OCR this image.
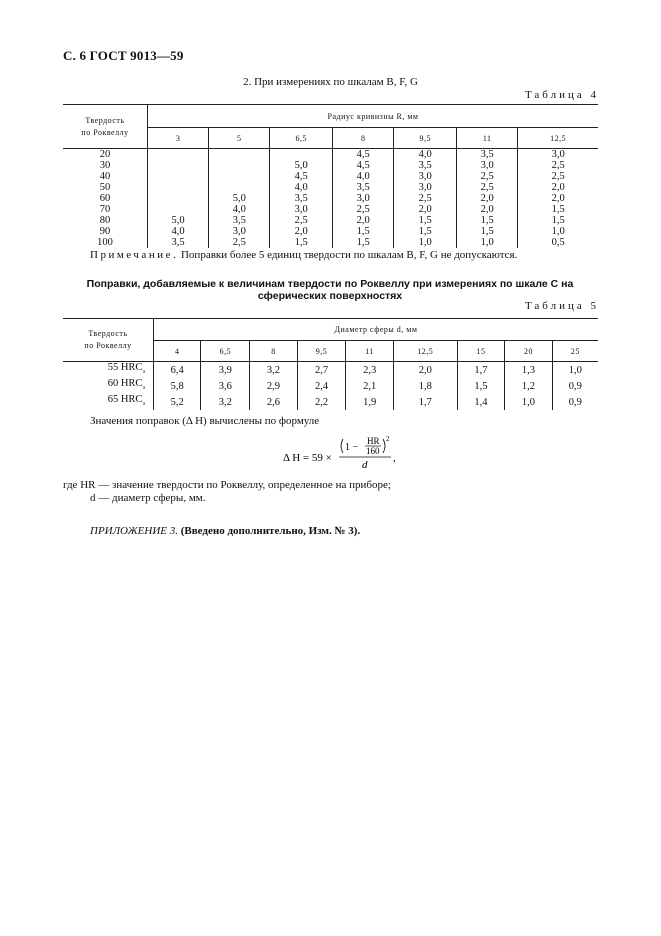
С. 6 ГОСТ 9013—59
2. При измерениях по шкалам B, F, G
Таблица 4
Твердость
по Роквеллу	Радиус кривизны R, мм						
	3	5	6,5	8	9,5	11	12,5
20				4,5	4,0	3,5	3,0
30			5,0	4,5	3,5	3,0	2,5
40			4,5	4,0	3,0	2,5	2,5
50			4,0	3,5	3,0	2,5	2,0
60		5,0	3,5	3,0	2,5	2,0	2,0
70		4,0	3,0	2,5	2,0	2,0	1,5
80	5,0	3,5	2,5	2,0	1,5	1,5	1,5
90	4,0	3,0	2,0	1,5	1,5	1,5	1,0
100	3,5	2,5	1,5	1,5	1,0	1,0	0,5
Примечание. Поправки более 5 единиц твердости по шкалам B, F, G не допускаются.
Поправки, добавляемые к величинам твердости по Роквеллу при измерениях по шкале С на сферических поверхностях
Таблица 5
Твердость
по Роквеллу	Диаметр сферы d, мм								
	4	6,5	8	9,5	11	12,5	15	20	25
55 $HRC_э$	6,4	3,9	3,2	2,7	2,3	2,0	1,7	1,3	1,0
60 $HRC_э$	5,8	3,6	2,9	2,4	2,1	1,8	1,5	1,2	0,9
65 $HRC_э$	5,2	3,2	2,6	2,2	1,9	1,7	1,4	1,0	0,9
Значения поправок (Δ H) вычислены по формуле
Δ H = 59 ×
1 −
HR
160
2
d
,
где HR — значение твердости по Роквеллу, определенное на приборе;
d — диаметр сферы, мм.
ПРИЛОЖЕНИЕ 3. (Введено дополнительно, Изм. № 3).
